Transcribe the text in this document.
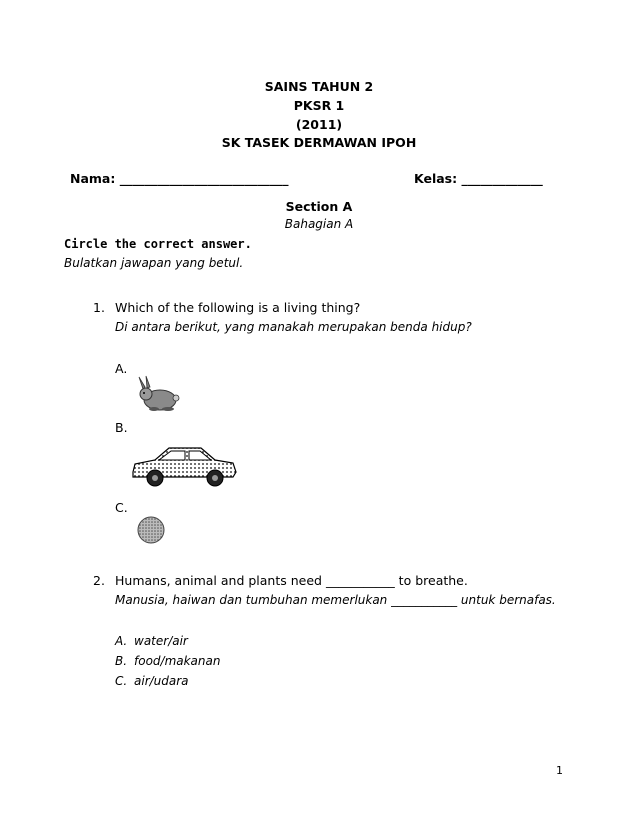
SAINS TAHUN 2
PKSR 1
(2011)
SK TASEK DERMAWAN IPOH
Nama: ___________________________	Kelas: _____________
Section A
Bahagian A
Circle the correct answer.
Bulatkan jawapan yang betul.
1. Which of the following is a living thing?
Di antara berikut, yang manakah merupakan benda hidup?
A.
B.
C.
2. Humans, animal and plants need ___________ to breathe.
Manusia, haiwan dan tumbuhan memerlukan ___________ untuk bernafas.
A. water/air
B. food/makanan
C. air/udara
1
